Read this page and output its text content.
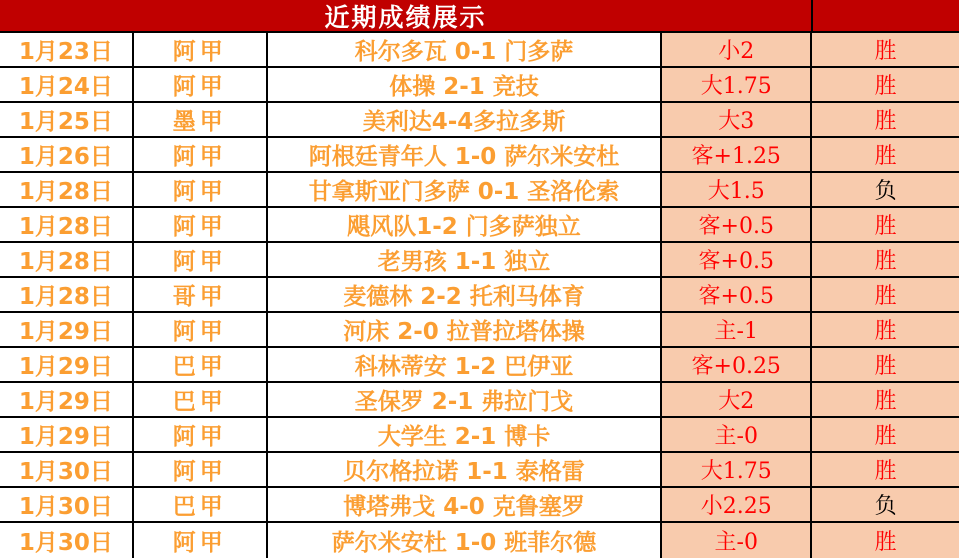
近期成绩展示
1月23日	阿甲	科尔多瓦 0-1 门多萨	小2	胜
1月24日	阿甲	体操 2-1 竞技	大1.75	胜
1月25日	墨甲	美利达4-4多拉多斯	大3	胜
1月26日	阿甲	阿根廷青年人 1-0 萨尔米安杜	客+1.25	胜
1月28日	阿甲	甘拿斯亚门多萨 0-1 圣洛伦索	大1.5	负
1月28日	阿甲	飓风队1-2 门多萨独立	客+0.5	胜
1月28日	阿甲	老男孩 1-1 独立	客+0.5	胜
1月28日	哥甲	麦德林 2-2 托利马体育	客+0.5	胜
1月29日	阿甲	河床 2-0 拉普拉塔体操	主-1	胜
1月29日	巴甲	科林蒂安 1-2 巴伊亚	客+0.25	胜
1月29日	巴甲	圣保罗 2-1 弗拉门戈	大2	胜
1月29日	阿甲	大学生 2-1 博卡	主-0	胜
1月30日	阿甲	贝尔格拉诺 1-1 泰格雷	大1.75	胜
1月30日	巴甲	博塔弗戈 4-0 克鲁塞罗	小2.25	负
1月30日	阿甲	萨尔米安杜 1-0 班菲尔德	主-0	胜
